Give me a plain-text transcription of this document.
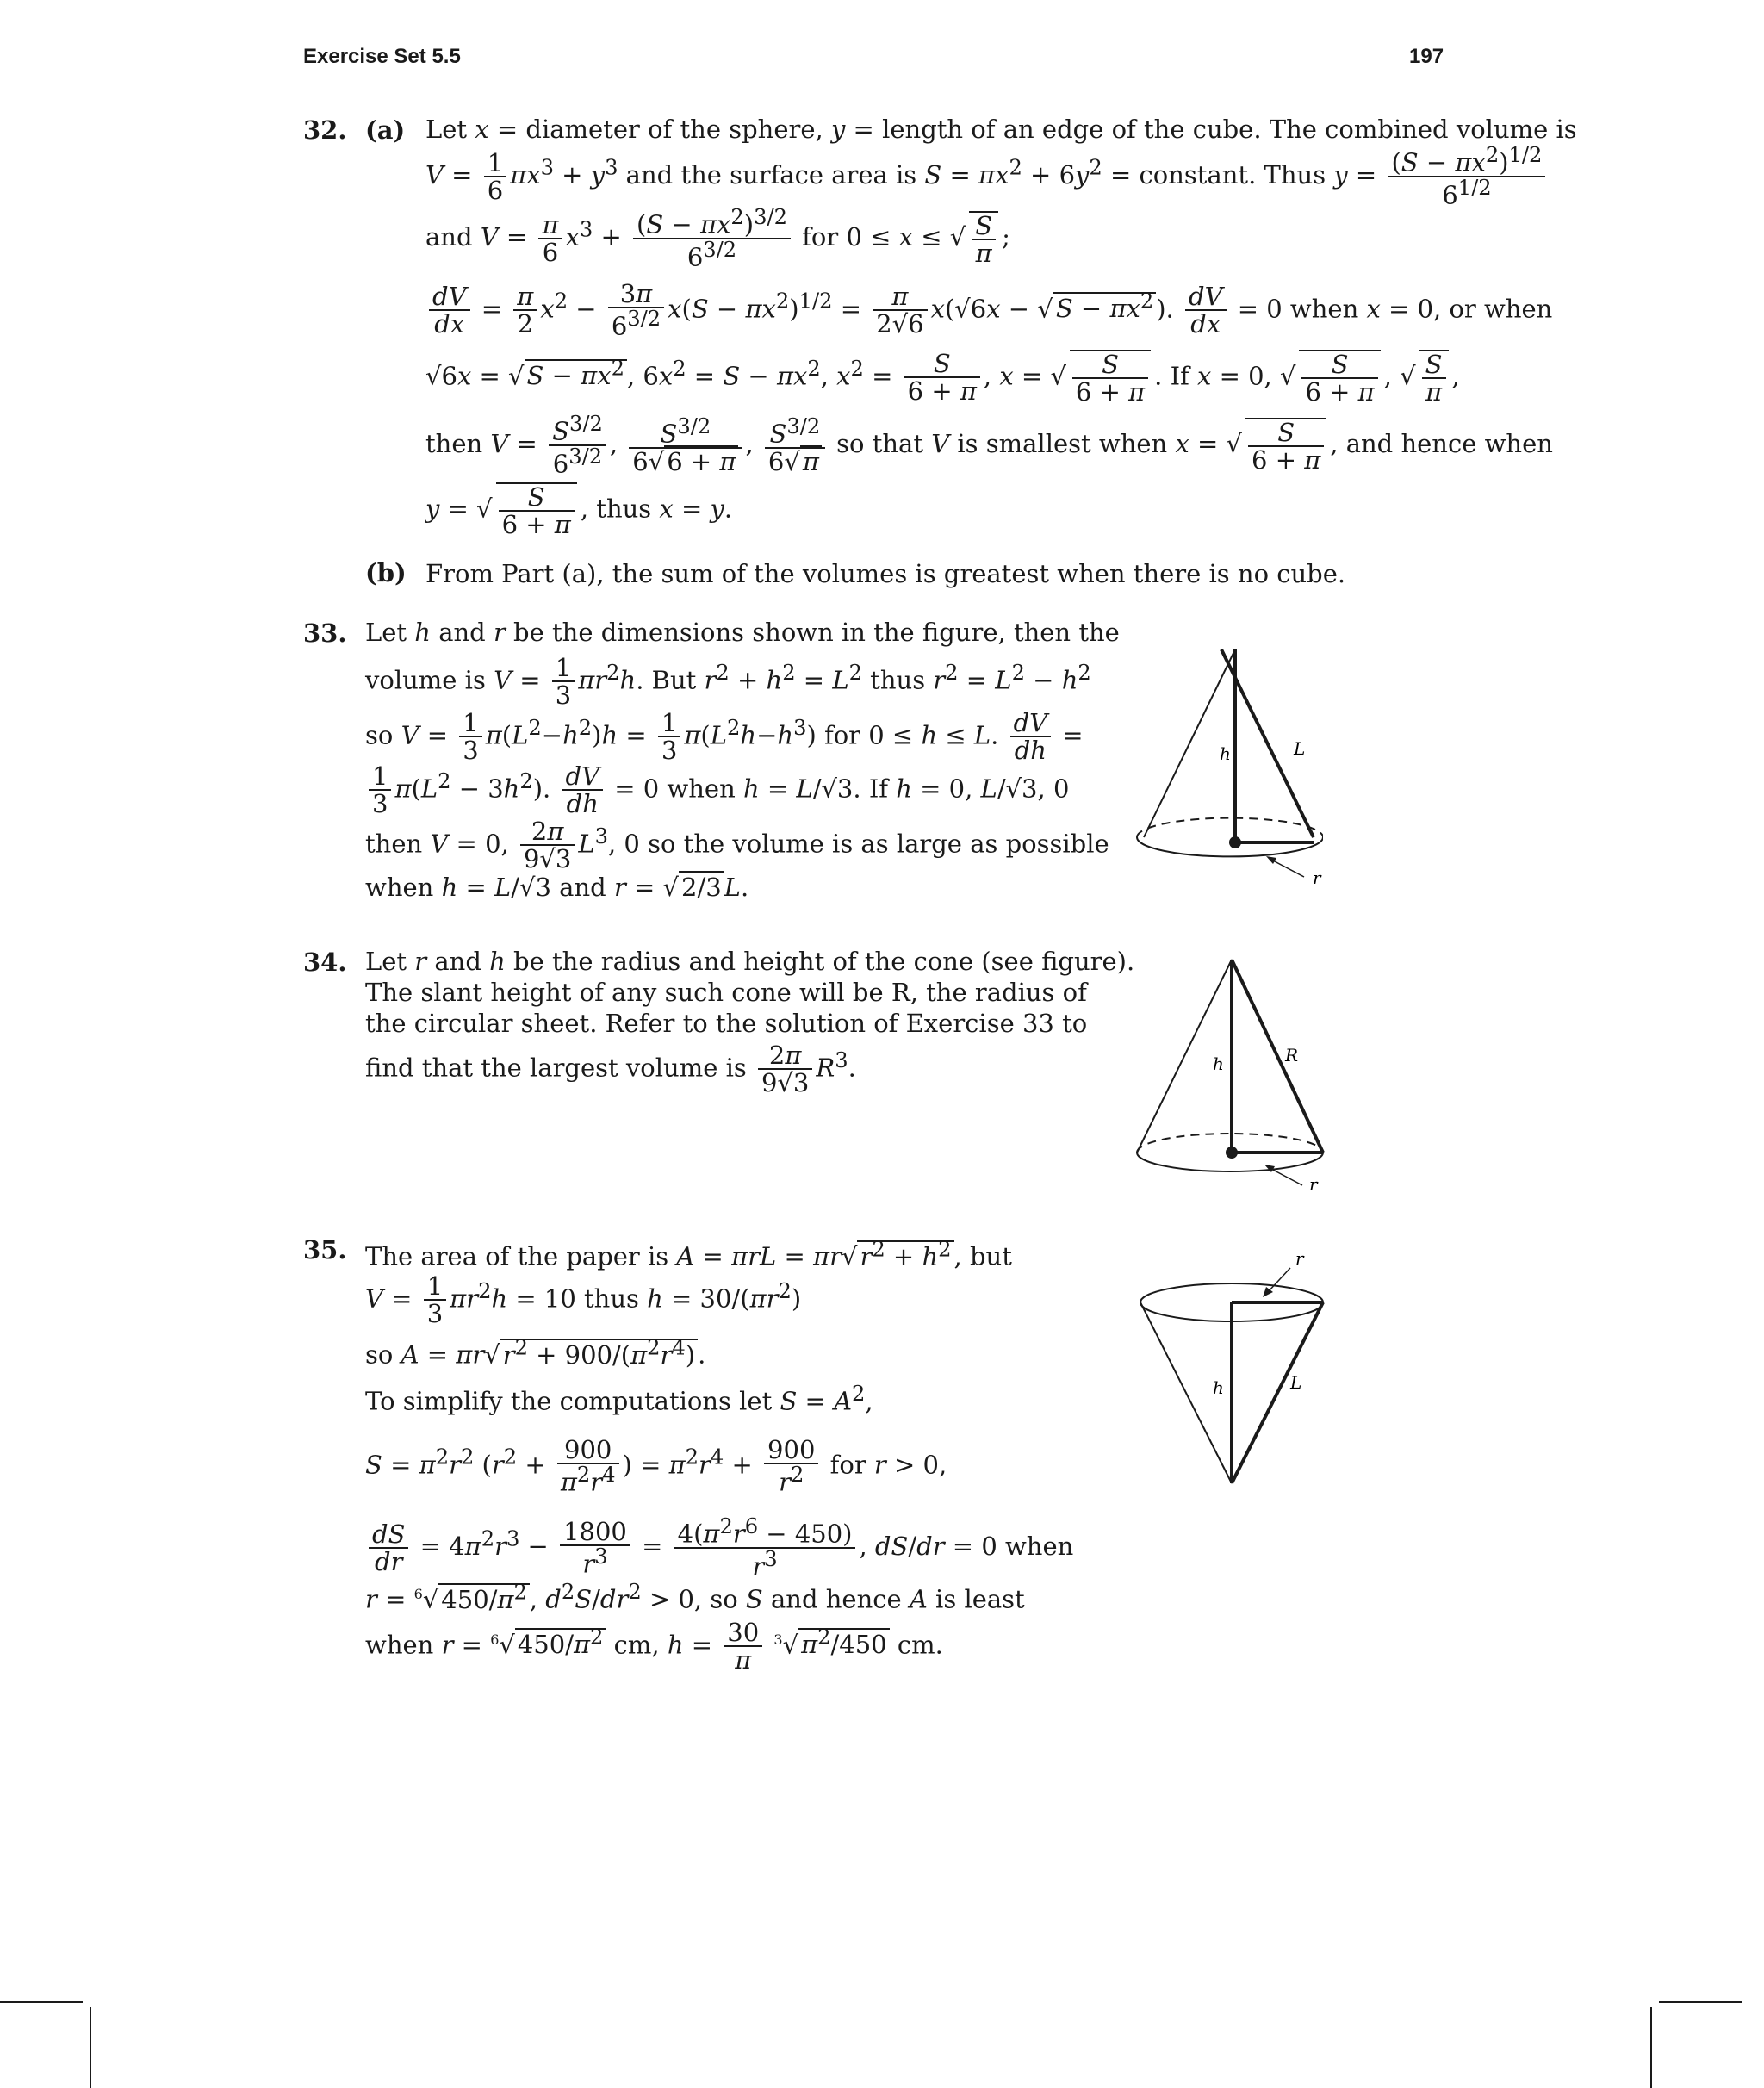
Exercise Set 5.5	197
32. (a) Let x = diameter of the sphere, y = length of an edge of the cube. The combined volume is
$V = \frac{1}{6} \pi x^3 + y^3$ and the surface area is $S = \pi x^2 + 6y^2$ = constant. Thus $y = \frac{(S - \pi x^2)^{1/2}}{6^{1/2}}$
and $V = \frac{\pi}{6} x^3 + \frac{(S - \pi x^2)^{3/2}}{6^{3/2}}$ for 0 ≤ x ≤ √ $\frac{S}{\pi}$ ;
$\frac{dV}{dx} = \frac{\pi}{2} x^2 - \frac{3\pi}{6^{3/2}} x(S - \pi x^2)^{1/2} = \frac{\pi}{2√6} x(√6x$ − √ $S - \pi x^2$ ). $\frac{dV}{dx} = 0$ when x = 0, or when
√6x = √ $S - \pi x^2$ , $6x^2 = S - \pi x^2$, $x^2 = \frac{S}{6 + \pi}$ , x = √ $\frac{S}{6 + \pi}$ . If x = 0, √ $\frac{S}{6 + \pi}$ , √ $\frac{S}{\pi}$ ,
then $V = \frac{S^{3/2}}{6^{3/2}}$ , $\frac{S^{3/2}}{6√ 6 + \pi}$ , $\frac{S^{3/2}}{6√ \pi}$ so that V is smallest when x = √ $\frac{S}{6 + \pi}$ , and hence when
y = √ $\frac{S}{6 + \pi}$ , thus x = y.
(b) From Part (a), the sum of the volumes is greatest when there is no cube.
33. Let h and r be the dimensions shown in the figure, then the
volume is $V = \frac{1}{3} \pi r^2h$. But $r^2 + h^2 = L^2$ thus $r^2 = L^2 - h^2$
so $V = \frac{1}{3} \pi(L^2-h^2)h = \frac{1}{3} \pi(L^2h-h^3)$ for 0 ≤ h ≤ L. $\frac{dV}{dh}$ =
$\frac{1}{3} \pi(L^2 - 3h^2)$. $\frac{dV}{dh} = 0$ when h = L/√3. If h = 0, L/√3, 0
then V = 0, $\frac{2\pi}{9√3} L^3$, 0 so the volume is as large as possible
when h = L/√3 and r = √ 2/3 L.
h	L
r
34. Let r and h be the radius and height of the cone (see figure).
The slant height of any such cone will be R, the radius of
the circular sheet. Refer to the solution of Exercise 33 to
find that the largest volume is $\frac{2\pi}{9√3} R^3$.	h	R
r
35. The area of the paper is A = πrL = πr√ $r^2 + h^2$ , but
$V = \frac{1}{3} \pi r^2h = 10$ thus $h = 30/(\pi r^2)$
so A = πr√ $r^2 + 900/(\pi^2r^4)$ .
To simplify the computations let $S = A^2$,
$S = \pi^2r^2$ ($r^2 + \frac{900}{\pi^2r^4}$ ) = $\pi^2r^4 + \frac{900}{r^2}$ for r > 0,
$\frac{dS}{dr} = 4\pi^2r^3 - \frac{1800}{r^3} = \frac{4(\pi^2r^6 - 450)}{r^3}$ , dS/dr = 0 when
r = $^6$√ $450/\pi^2$ , $d^2S/dr^2 > 0$, so S and hence A is least
when r = $^6$√ $450/\pi^2$ cm, $h = \frac{30}{\pi} ^3√$ $\pi^2/450$ cm.
r
h	L
